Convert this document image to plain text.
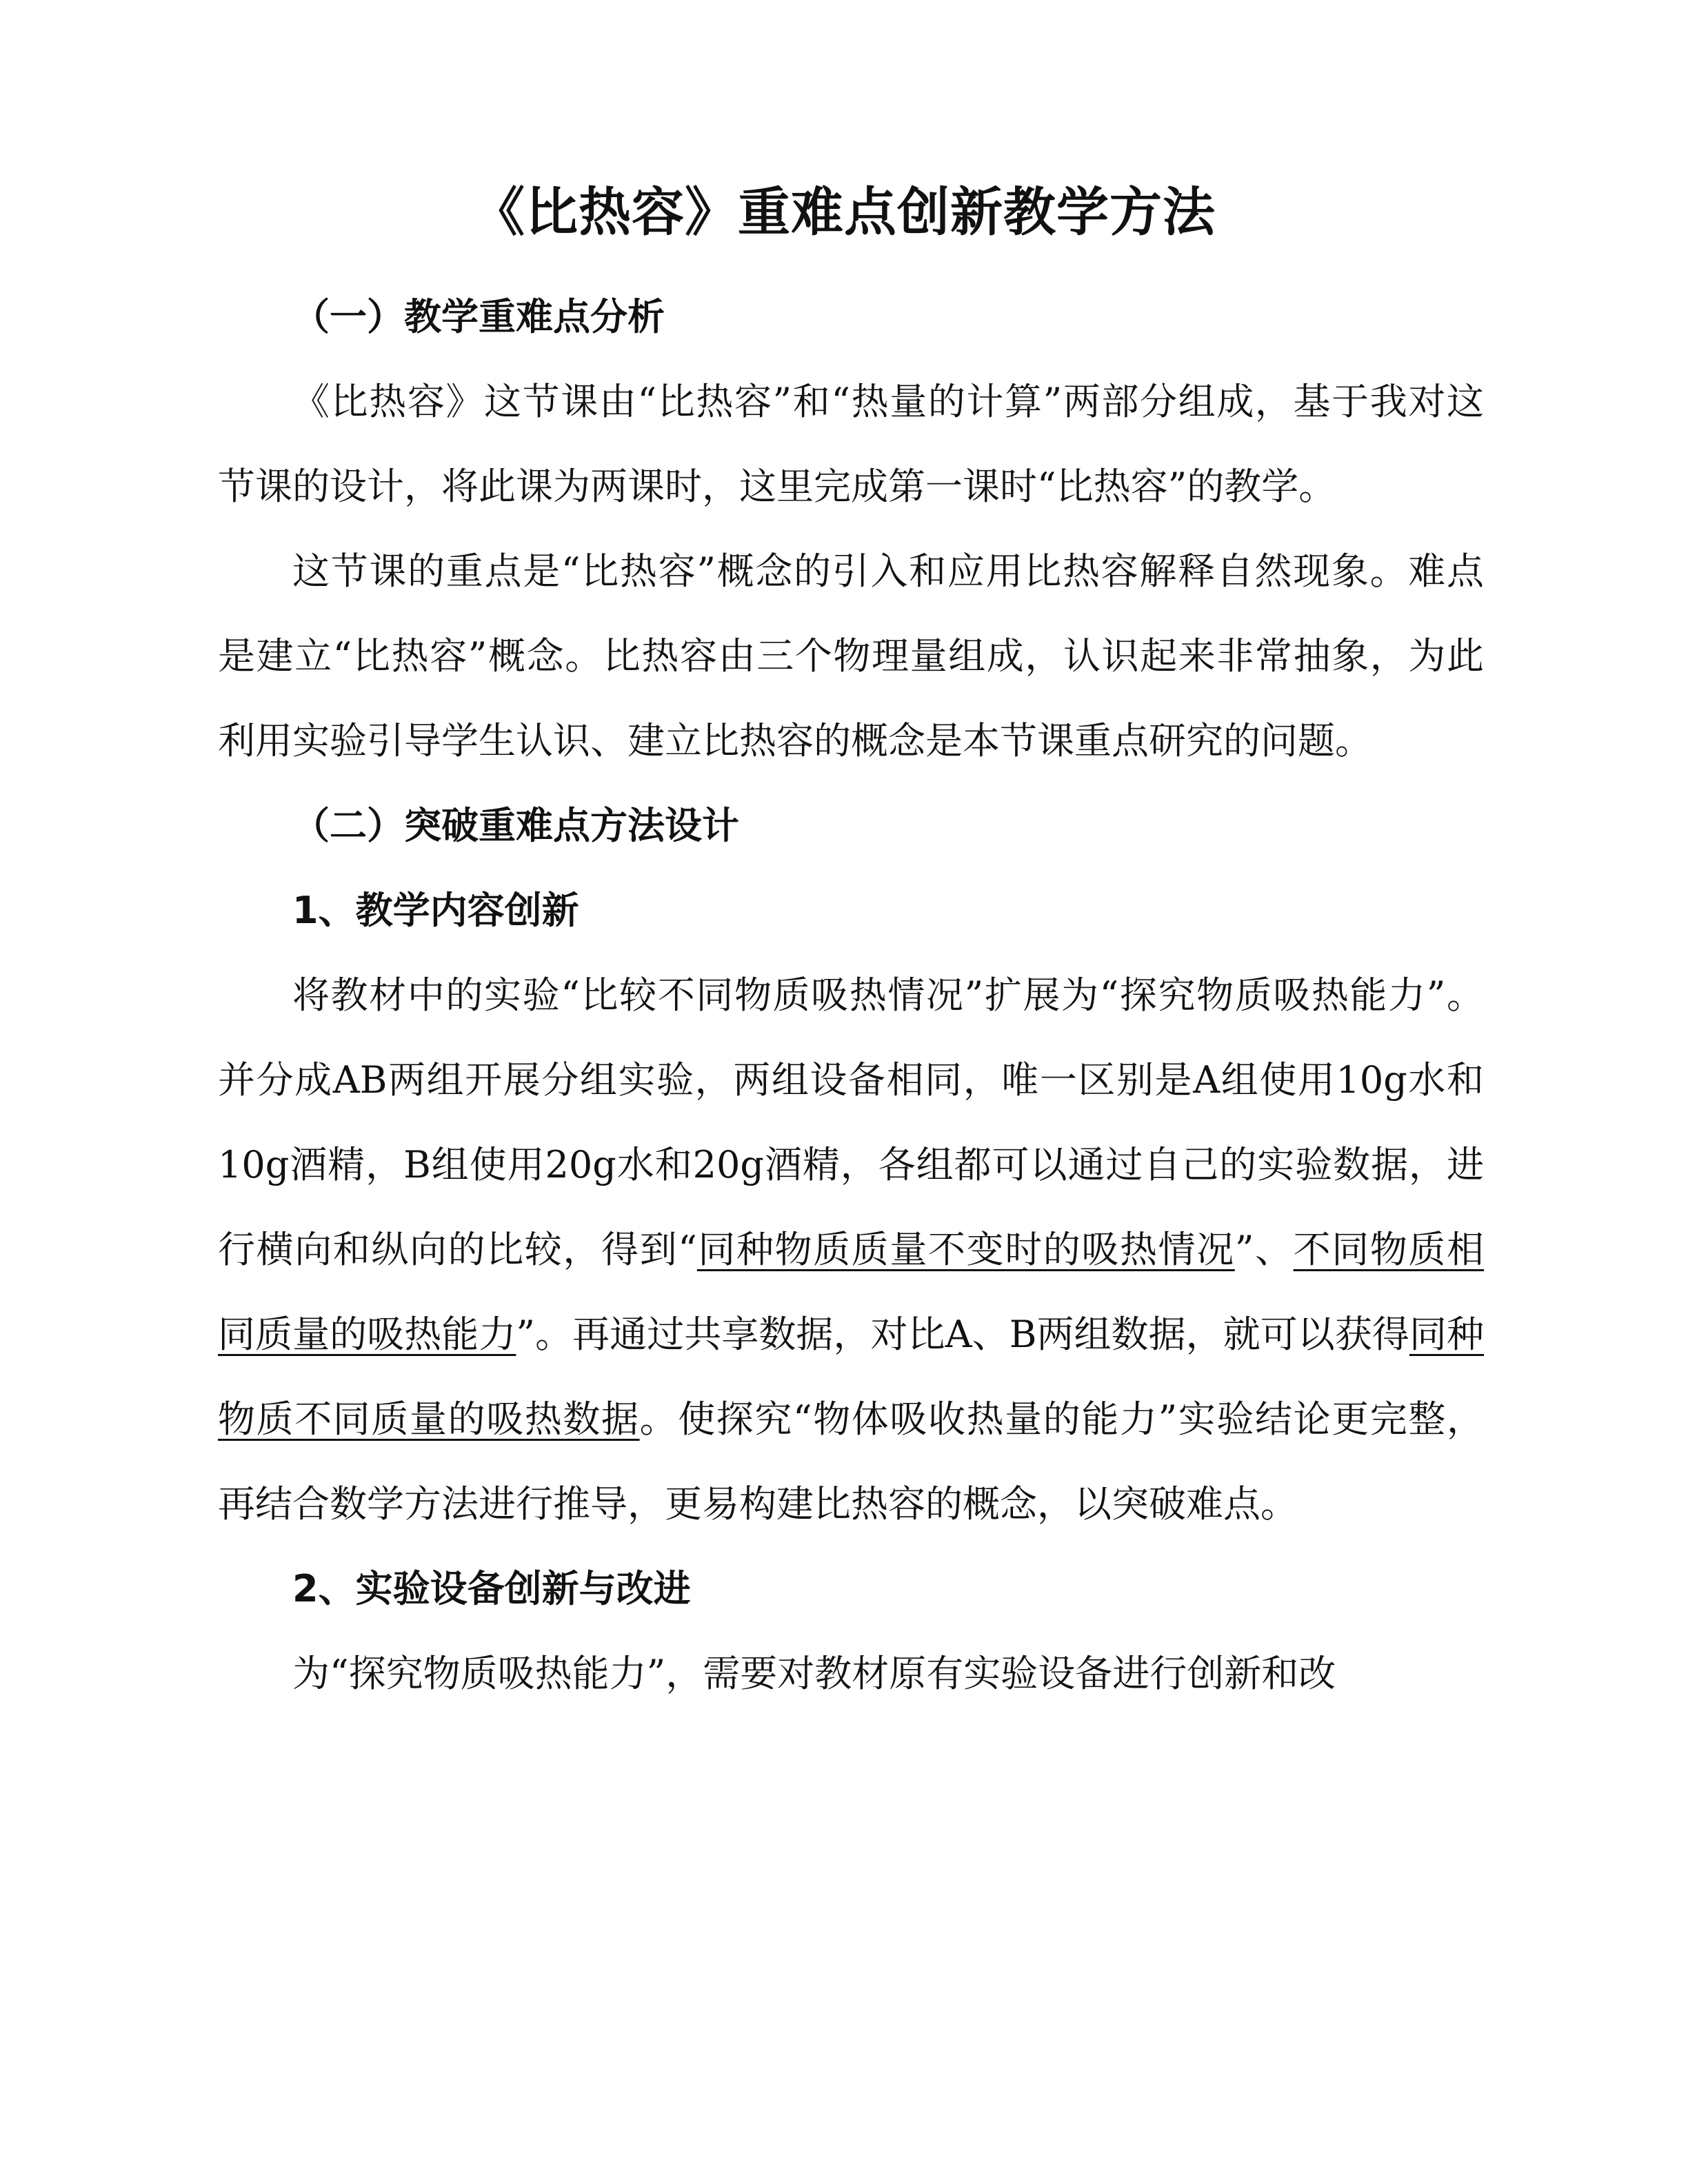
《比热容》重难点创新教学方法

（一）教学重难点分析

《比热容》这节课由“比热容”和“热量的计算”两部分组成，基于我对这节课的设计，将此课为两课时，这里完成第一课时“比热容”的教学。

这节课的重点是“比热容”概念的引入和应用比热容解释自然现象。难点是建立“比热容”概念。比热容由三个物理量组成，认识起来非常抽象，为此利用实验引导学生认识、建立比热容的概念是本节课重点研究的问题。

（二）突破重难点方法设计

1、教学内容创新

将教材中的实验“比较不同物质吸热情况”扩展为“探究物质吸热能力”。并分成AB两组开展分组实验，两组设备相同，唯一区别是A组使用10g水和10g酒精，B组使用20g水和20g酒精，各组都可以通过自己的实验数据，进行横向和纵向的比较，得到“同种物质质量不变时的吸热情况”、不同物质相同质量的吸热能力”。再通过共享数据，对比A、B两组数据，就可以获得同种物质不同质量的吸热数据。使探究“物体吸收热量的能力”实验结论更完整，再结合数学方法进行推导，更易构建比热容的概念，以突破难点。

2、实验设备创新与改进

为“探究物质吸热能力”，需要对教材原有实验设备进行创新和改
